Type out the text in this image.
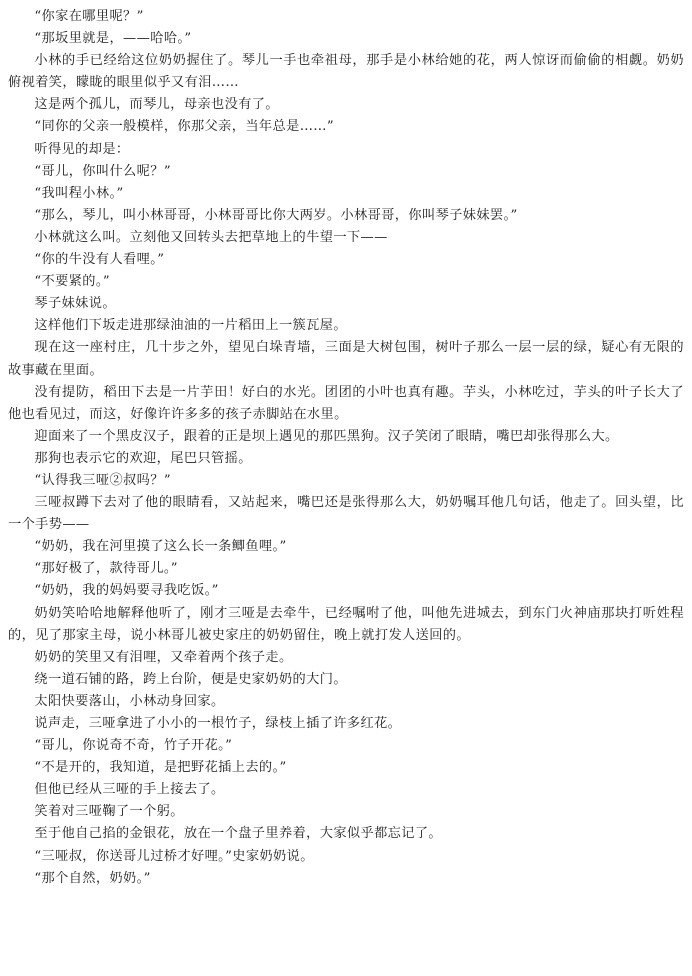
“你家在哪里呢？”

“那坂里就是，——哈哈。”

小林的手已经给这位奶奶握住了。琴儿一手也牵祖母，那手是小林给她的花，两人惊讶而偷偷的相觑。奶奶俯视着笑，矇眬的眼里似乎又有泪……

这是两个孤儿，而琴儿，母亲也没有了。

“同你的父亲一般模样，你那父亲，当年总是……”

听得见的却是：

“哥儿，你叫什么呢？”

“我叫程小林。”

“那么，琴儿，叫小林哥哥，小林哥哥比你大两岁。小林哥哥，你叫琴子妹妹罢。”

小林就这么叫。立刻他又回转头去把草地上的牛望一下——

“你的牛没有人看哩。”

“不要紧的。”

琴子妹妹说。

这样他们下坂走进那绿油油的一片稻田上一簇瓦屋。

现在这一座村庄，几十步之外，望见白垛青墙，三面是大树包围，树叶子那么一层一层的绿，疑心有无限的故事藏在里面。

没有提防，稻田下去是一片芋田！好白的水光。团团的小叶也真有趣。芋头，小林吃过，芋头的叶子长大了他也看见过，而这，好像许许多多的孩子赤脚站在水里。

迎面来了一个黑皮汉子，跟着的正是坝上遇见的那匹黑狗。汉子笑闭了眼睛，嘴巴却张得那么大。

那狗也表示它的欢迎，尾巴只管摇。

“认得我三哑②叔吗？”

三哑叔蹲下去对了他的眼睛看，又站起来，嘴巴还是张得那么大，奶奶嘱耳他几句话，他走了。回头望，比一个手势——

“奶奶，我在河里摸了这么长一条鲫鱼哩。”

“那好极了，款待哥儿。”

“奶奶，我的妈妈要寻我吃饭。”

奶奶笑哈哈地解释他听了，刚才三哑是去牵牛，已经嘱咐了他，叫他先进城去，到东门火神庙那块打听姓程的，见了那家主母，说小林哥儿被史家庄的奶奶留住，晚上就打发人送回的。

奶奶的笑里又有泪哩，又牵着两个孩子走。

绕一道石铺的路，跨上台阶，便是史家奶奶的大门。

太阳快要落山，小林动身回家。

说声走，三哑拿进了小小的一根竹子，绿枝上插了许多红花。

“哥儿，你说奇不奇，竹子开花。”

“不是开的，我知道，是把野花插上去的。”

但他已经从三哑的手上接去了。

笑着对三哑鞠了一个躬。

至于他自己掐的金银花，放在一个盘子里养着，大家似乎都忘记了。

“三哑叔，你送哥儿过桥才好哩。”史家奶奶说。

“那个自然，奶奶。”
